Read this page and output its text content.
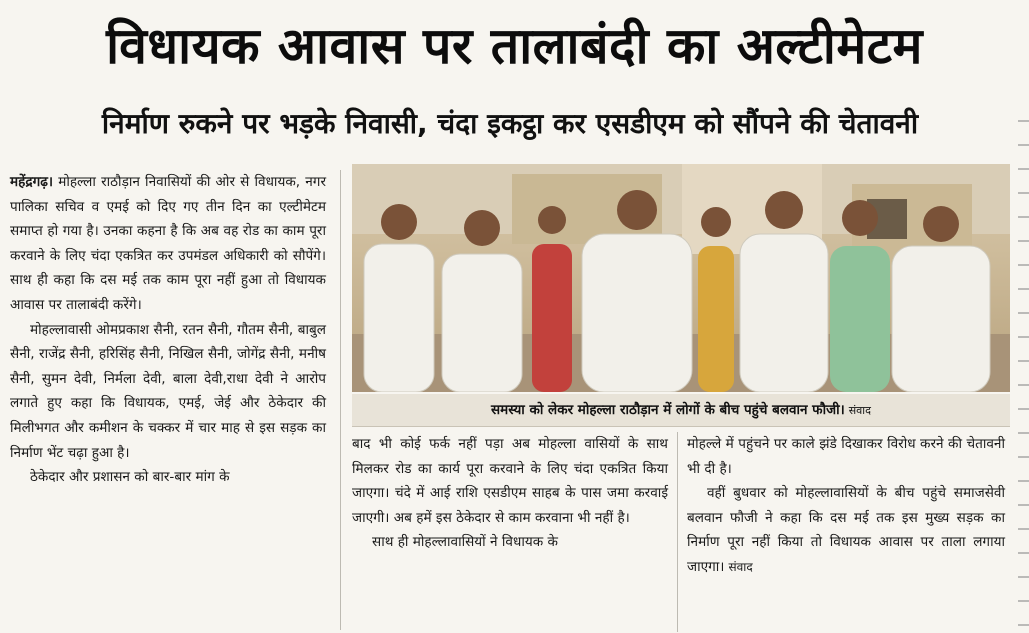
विधायक आवास पर तालाबंदी का अल्टीमेटम
निर्माण रुकने पर भड़के निवासी, चंदा इकट्ठा कर एसडीएम को सौंपने की चेतावनी

महेंद्रगढ़। मोहल्ला राठौड़ान निवासियों की ओर से विधायक, नगर पालिका सचिव व एमई को दिए गए तीन दिन का एल्टीमेटम समाप्त हो गया है। उनका कहना है कि अब वह रोड का काम पूरा करवाने के लिए चंदा एकत्रित कर उपमंडल अधिकारी को सौपेंगे। साथ ही कहा कि दस मई तक काम पूरा नहीं हुआ तो विधायक आवास पर तालाबंदी करेंगे।

मोहल्लावासी ओमप्रकाश सैनी, रतन सैनी, गौतम सैनी, बाबुल सैनी, राजेंद्र सैनी, हरिसिंह सैनी, निखिल सैनी, जोगेंद्र सैनी, मनीष सैनी, सुमन देवी, निर्मला देवी, बाला देवी,राधा देवी ने आरोप लगाते हुए कहा कि विधायक, एमई, जेई और ठेकेदार की मिलीभगत और कमीशन के चक्कर में चार माह से इस सड़क का निर्माण भेंट चढ़ा हुआ है।

ठेकेदार और प्रशासन को बार-बार मांग के

समस्या को लेकर मोहल्ला राठौड़ान में लोगों के बीच पहुंचे बलवान फौजी। संवाद

बाद भी कोई फर्क नहीं पड़ा अब मोहल्ला वासियों के साथ मिलकर रोड का कार्य पूरा करवाने के लिए चंदा एकत्रित किया जाएगा। चंदे में आई राशि एसडीएम साहब के पास जमा करवाई जाएगी। अब हमें इस ठेकेदार से काम करवाना भी नहीं है।

साथ ही मोहल्लावासियों ने विधायक के

मोहल्ले में पहुंचने पर काले झंडे दिखाकर विरोध करने की चेतावनी भी दी है।

वहीं बुधवार को मोहल्लावासियों के बीच पहुंचे समाजसेवी बलवान फौजी ने कहा कि दस मई तक इस मुख्य सड़क का निर्माण पूरा नहीं किया तो विधायक आवास पर ताला लगाया जाएगा। संवाद
